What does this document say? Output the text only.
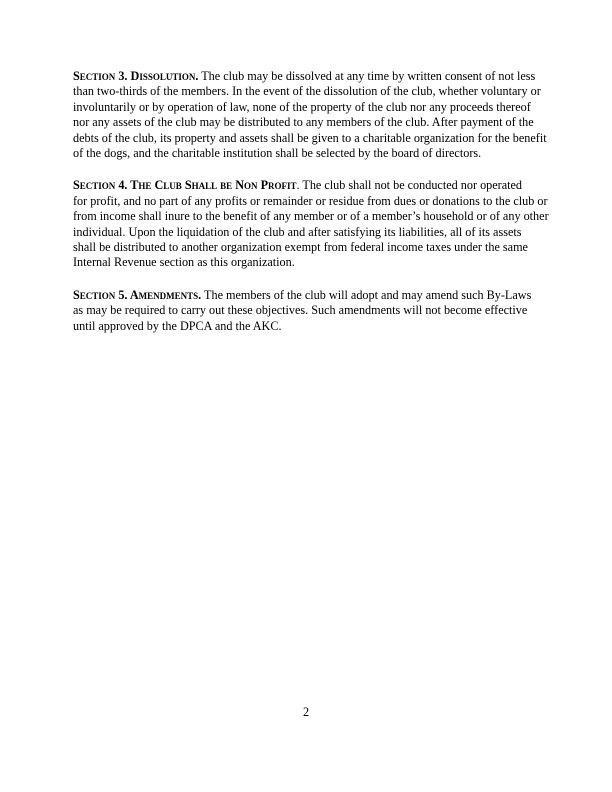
Section 3. Dissolution. The club may be dissolved at any time by written consent of not less
than two-thirds of the members. In the event of the dissolution of the club, whether voluntary or
involuntarily or by operation of law, none of the property of the club nor any proceeds thereof
nor any assets of the club may be distributed to any members of the club. After payment of the
debts of the club, its property and assets shall be given to a charitable organization for the benefit
of the dogs, and the charitable institution shall be selected by the board of directors.
Section 4. The Club Shall be Non Profit. The club shall not be conducted nor operated
for profit, and no part of any profits or remainder or residue from dues or donations to the club or
from income shall inure to the benefit of any member or of a member’s household or of any other
individual. Upon the liquidation of the club and after satisfying its liabilities, all of its assets
shall be distributed to another organization exempt from federal income taxes under the same
Internal Revenue section as this organization.
Section 5. Amendments. The members of the club will adopt and may amend such By-Laws
as may be required to carry out these objectives. Such amendments will not become effective
until approved by the DPCA and the AKC.
2
